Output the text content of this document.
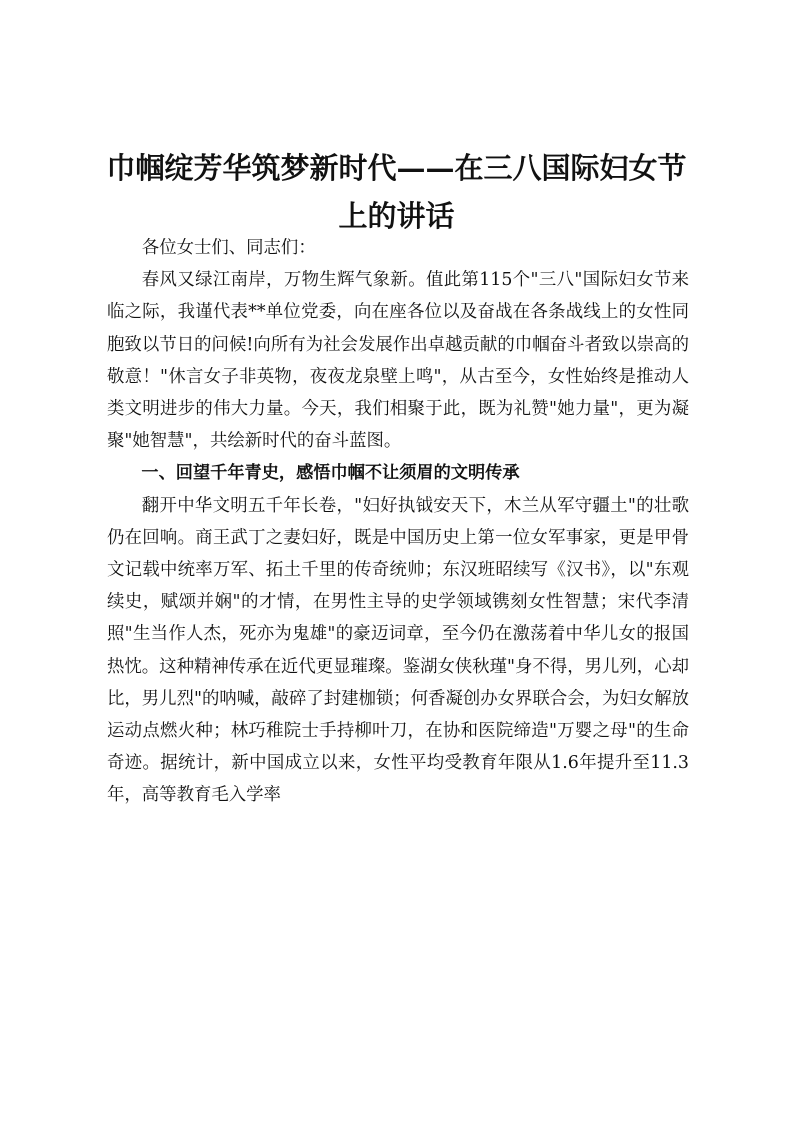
巾帼绽芳华筑梦新时代——在三八国际妇女节上的讲话

各位女士们、同志们：

春风又绿江南岸，万物生辉气象新。值此第115个"三八"国际妇女节来临之际，我谨代表**单位党委，向在座各位以及奋战在各条战线上的女性同胞致以节日的问候!向所有为社会发展作出卓越贡献的巾帼奋斗者致以崇高的敬意！"休言女子非英物，夜夜龙泉壁上鸣"，从古至今，女性始终是推动人类文明进步的伟大力量。今天，我们相聚于此，既为礼赞"她力量"，更为凝聚"她智慧"，共绘新时代的奋斗蓝图。

一、回望千年青史，感悟巾帼不让须眉的文明传承

翻开中华文明五千年长卷，"妇好执钺安天下，木兰从军守疆土"的壮歌仍在回响。商王武丁之妻妇好，既是中国历史上第一位女军事家，更是甲骨文记载中统率万军、拓土千里的传奇统帅；东汉班昭续写《汉书》，以"东观续史，赋颂并娴"的才情，在男性主导的史学领域镌刻女性智慧；宋代李清照"生当作人杰，死亦为鬼雄"的豪迈词章，至今仍在激荡着中华儿女的报国热忱。这种精神传承在近代更显璀璨。鉴湖女侠秋瑾"身不得，男儿列，心却比，男儿烈"的呐喊，敲碎了封建枷锁；何香凝创办女界联合会，为妇女解放运动点燃火种；林巧稚院士手持柳叶刀，在协和医院缔造"万婴之母"的生命奇迹。据统计，新中国成立以来，女性平均受教育年限从1.6年提升至11.3年，高等教育毛入学率
